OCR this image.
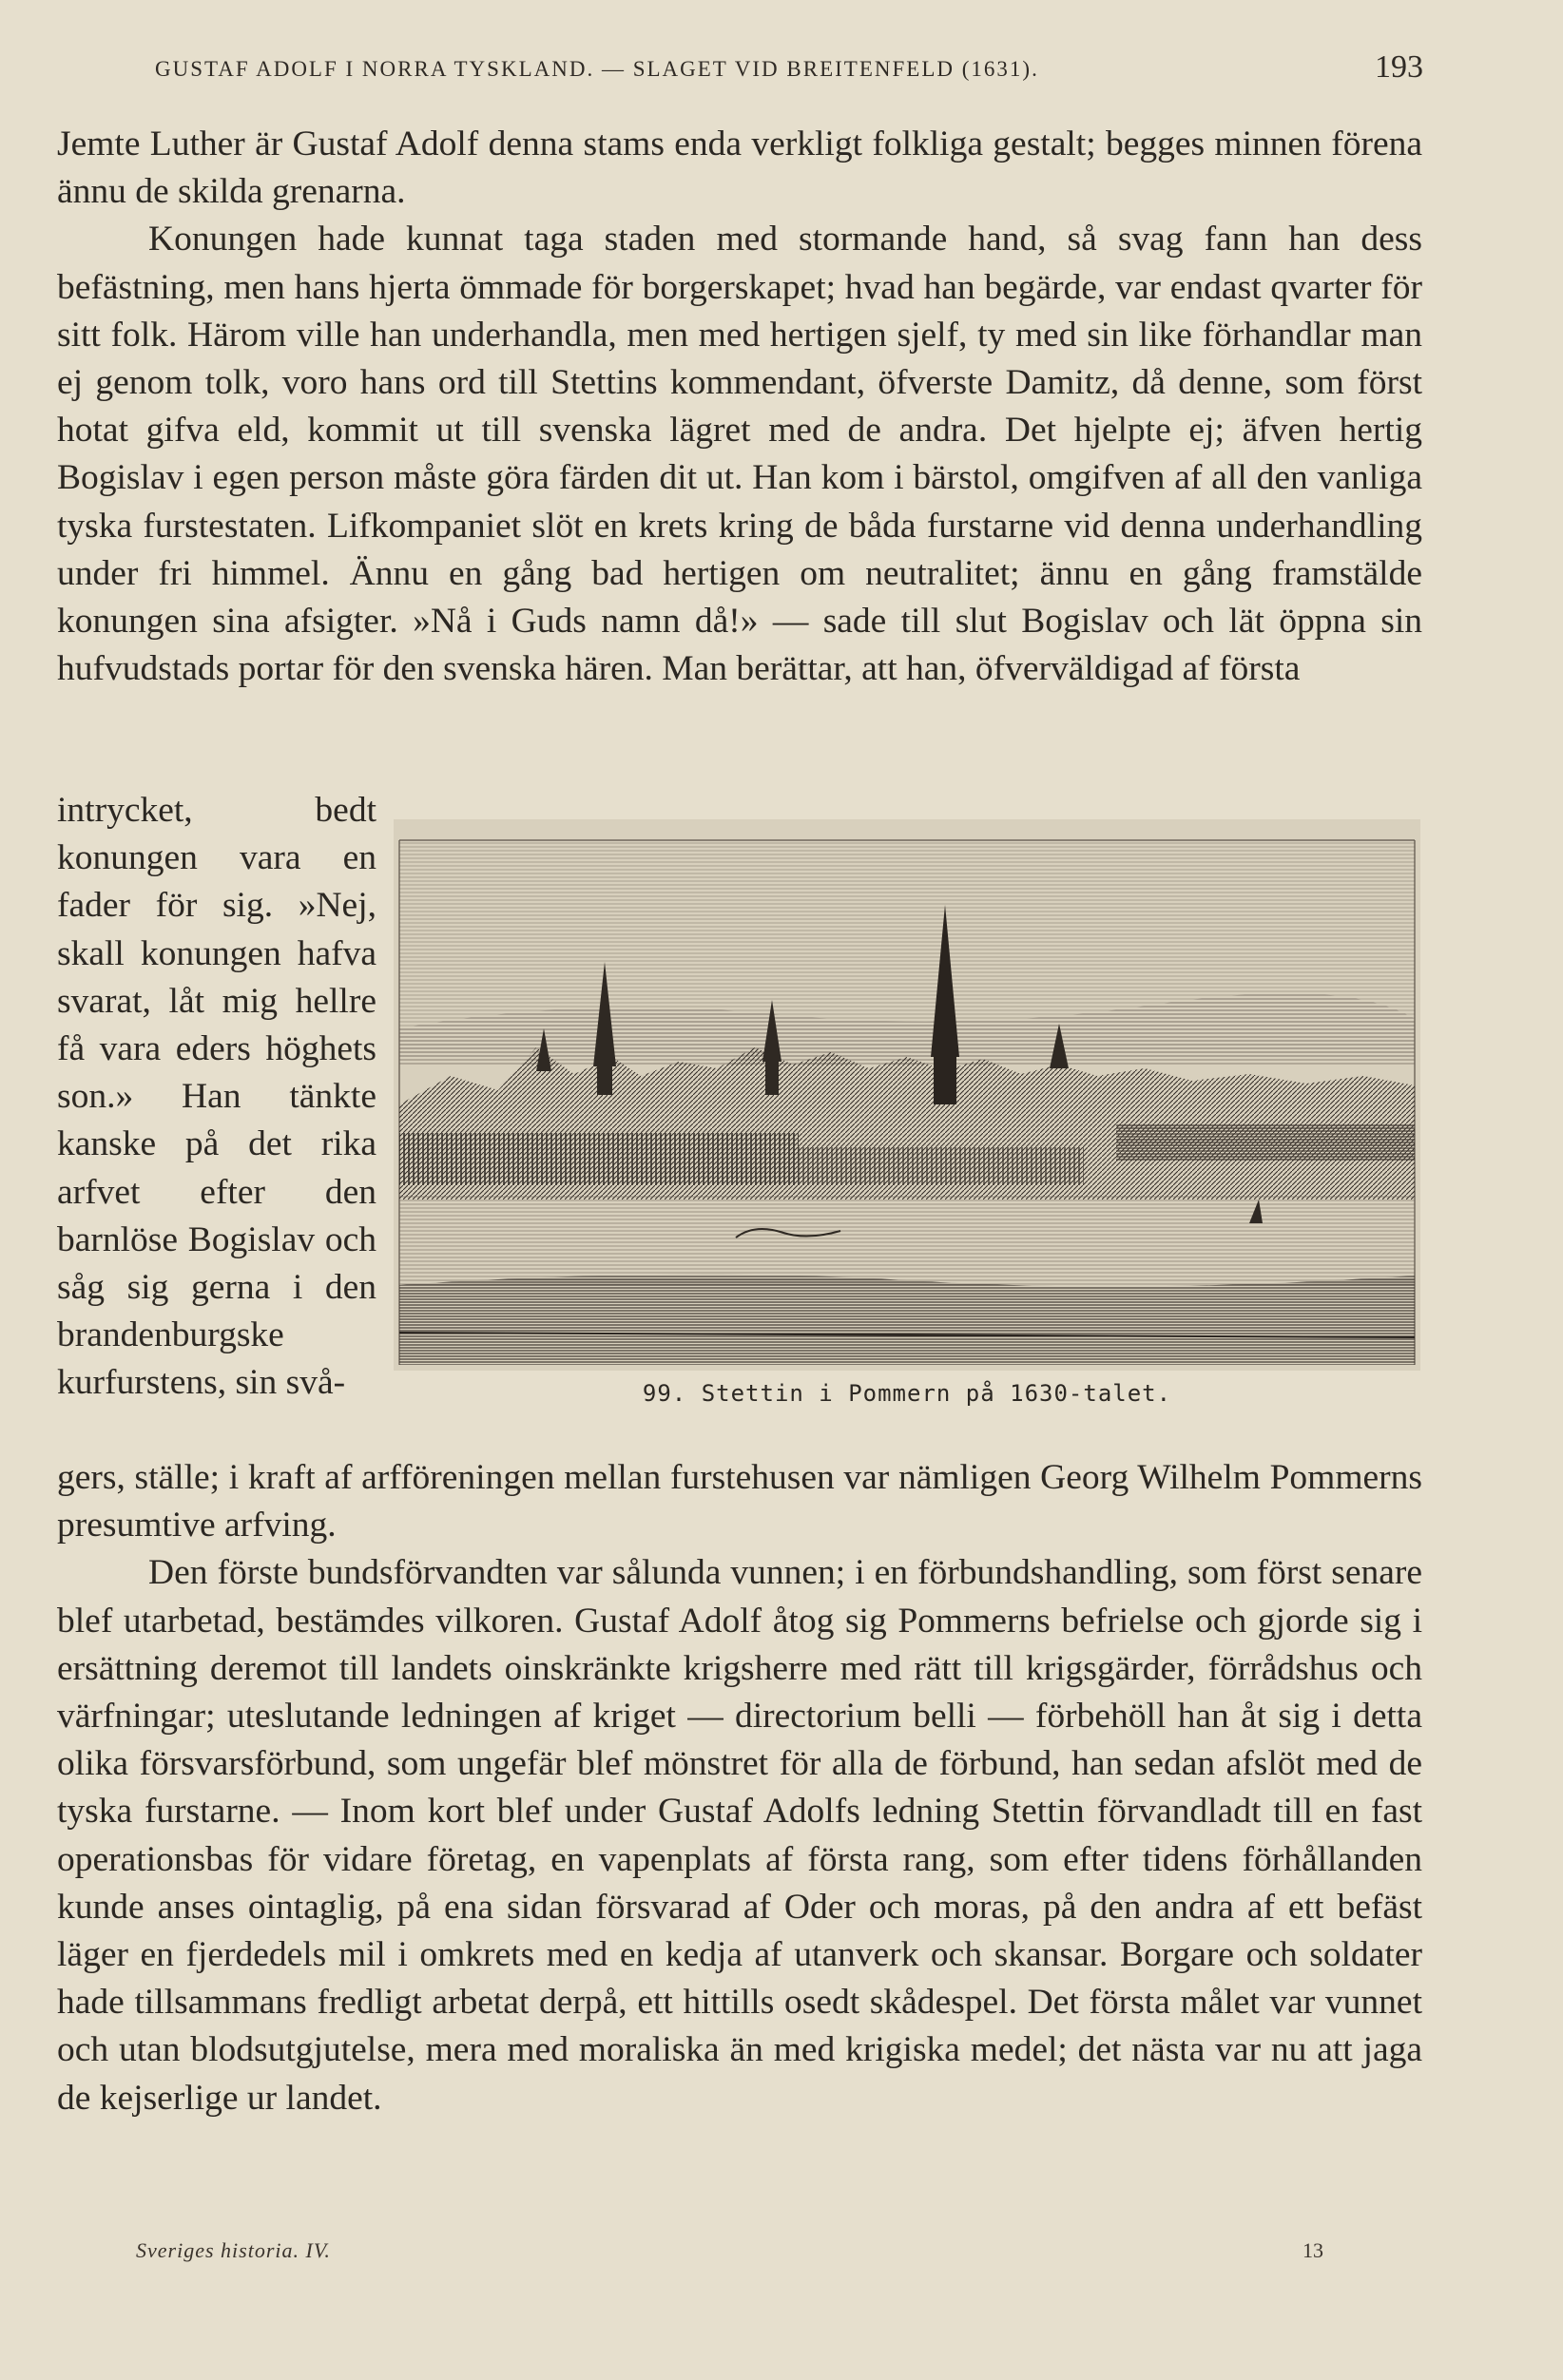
GUSTAF ADOLF I NORRA TYSKLAND. — SLAGET VID BREITENFELD (1631).	193

Jemte Luther är Gustaf Adolf denna stams enda verkligt folkliga gestalt; begges minnen förena ännu de skilda grenarna.

Konungen hade kunnat taga staden med stormande hand, så svag fann han dess befästning, men hans hjerta ömmade för borgerskapet; hvad han begärde, var endast qvarter för sitt folk. Härom ville han underhandla, men med hertigen sjelf, ty med sin like förhandlar man ej genom tolk, voro hans ord till Stettins kommendant, öfverste Damitz, då denne, som först hotat gifva eld, kommit ut till svenska lägret med de andra. Det hjelpte ej; äfven hertig Bogislav i egen person måste göra färden dit ut. Han kom i bärstol, omgifven af all den vanliga tyska furstestaten. Lifkompaniet slöt en krets kring de båda furstarne vid denna underhandling under fri himmel. Ännu en gång bad hertigen om neutralitet; ännu en gång framstälde konungen sina afsigter. »Nå i Guds namn då!» — sade till slut Bogislav och lät öppna sin hufvudstads portar för den svenska hären. Man berättar, att han, öfverväldigad af första

intrycket, bedt konungen vara en fader för sig. »Nej, skall konungen hafva svarat, låt mig hellre få vara eders höghets son.» Han tänkte kanske på det rika arfvet efter den barnlöse Bogislav och såg sig gerna i den brandenburgske kurfurstens, sin svå-	99. Stettin i Pommern på 1630-talet.

gers, ställe; i kraft af arfföreningen mellan furstehusen var nämligen Georg Wilhelm Pommerns presumtive arfving.

Den förste bundsförvandten var sålunda vunnen; i en förbundshandling, som först senare blef utarbetad, bestämdes vilkoren. Gustaf Adolf åtog sig Pommerns befrielse och gjorde sig i ersättning deremot till landets oinskränkte krigsherre med rätt till krigsgärder, förrådshus och värfningar; uteslutande ledningen af kriget — directorium belli — förbehöll han åt sig i detta olika försvarsförbund, som ungefär blef mönstret för alla de förbund, han sedan afslöt med de tyska furstarne. — Inom kort blef under Gustaf Adolfs ledning Stettin förvandladt till en fast operationsbas för vidare företag, en vapenplats af första rang, som efter tidens förhållanden kunde anses ointaglig, på ena sidan försvarad af Oder och moras, på den andra af ett befäst läger en fjerdedels mil i omkrets med en kedja af utanverk och skansar. Borgare och soldater hade tillsammans fredligt arbetat derpå, ett hittills osedt skådespel. Det första målet var vunnet och utan blodsutgjutelse, mera med moraliska än med krigiska medel; det nästa var nu att jaga de kejserlige ur landet.

Sveriges historia. IV.	13
